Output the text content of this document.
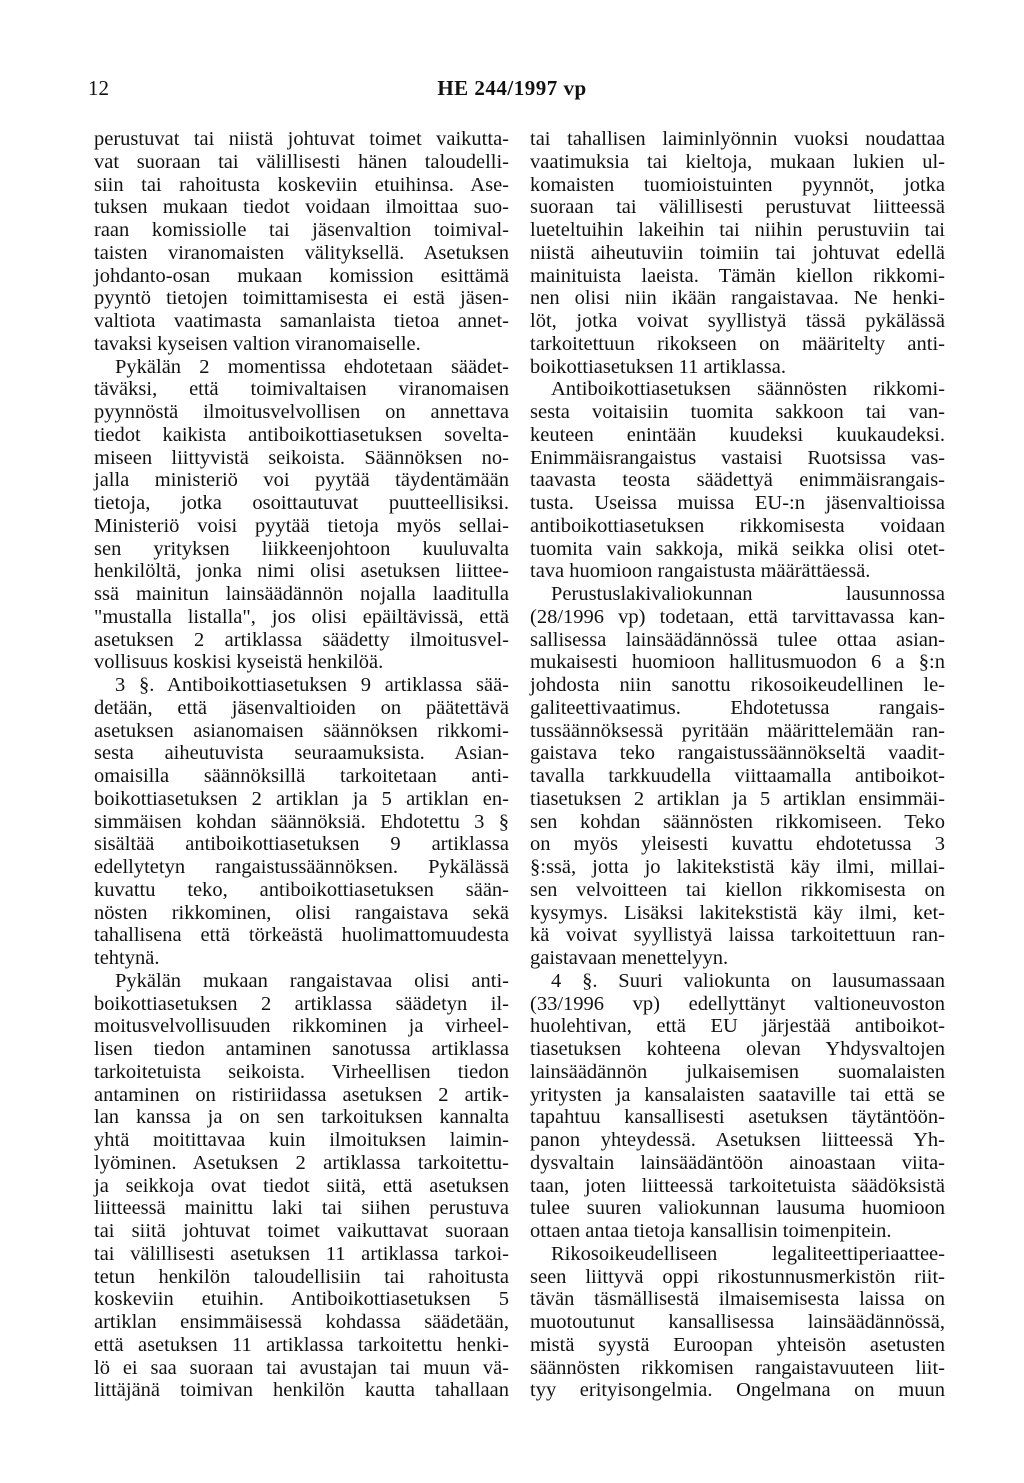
12	HE 244/1997 vp
perustuvat tai niistä johtuvat toimet vaikutta-
vat suoraan tai välillisesti hänen taloudelli-
siin tai rahoitusta koskeviin etuihinsa. Ase-
tuksen mukaan tiedot voidaan ilmoittaa suo-
raan komissiolle tai jäsenvaltion toimival-
taisten viranomaisten välityksellä. Asetuksen
johdanto-osan mukaan komission esittämä
pyyntö tietojen toimittamisesta ei estä jäsen-
valtiota vaatimasta samanlaista tietoa annet-
tavaksi kyseisen valtion viranomaiselle.
Pykälän 2 momentissa ehdotetaan säädet-
täväksi, että toimivaltaisen viranomaisen
pyynnöstä ilmoitusvelvollisen on annettava
tiedot kaikista antiboikottiasetuksen sovelta-
miseen liittyvistä seikoista. Säännöksen no-
jalla ministeriö voi pyytää täydentämään
tietoja, jotka osoittautuvat puutteellisiksi.
Ministeriö voisi pyytää tietoja myös sellai-
sen yrityksen liikkeenjohtoon kuuluvalta
henkilöltä, jonka nimi olisi asetuksen liittee-
ssä mainitun lainsäädännön nojalla laaditulla
"mustalla listalla", jos olisi epäiltävissä, että
asetuksen 2 artiklassa säädetty ilmoitusvel-
vollisuus koskisi kyseistä henkilöä.
3 §. Antiboikottiasetuksen 9 artiklassa sää-
detään, että jäsenvaltioiden on päätettävä
asetuksen asianomaisen säännöksen rikkomi-
sesta aiheutuvista seuraamuksista. Asian-
omaisilla säännöksillä tarkoitetaan anti-
boikottiasetuksen 2 artiklan ja 5 artiklan en-
simmäisen kohdan säännöksiä. Ehdotettu 3 §
sisältää antiboikottiasetuksen 9 artiklassa
edellytetyn rangaistussäännöksen. Pykälässä
kuvattu teko, antiboikottiasetuksen sään-
nösten rikkominen, olisi rangaistava sekä
tahallisena että törkeästä huolimattomuudesta
tehtynä.
Pykälän mukaan rangaistavaa olisi anti-
boikottiasetuksen 2 artiklassa säädetyn il-
moitusvelvollisuuden rikkominen ja virheel-
lisen tiedon antaminen sanotussa artiklassa
tarkoitetuista seikoista. Virheellisen tiedon
antaminen on ristiriidassa asetuksen 2 artik-
lan kanssa ja on sen tarkoituksen kannalta
yhtä moitittavaa kuin ilmoituksen laimin-
lyöminen. Asetuksen 2 artiklassa tarkoitettu-
ja seikkoja ovat tiedot siitä, että asetuksen
liitteessä mainittu laki tai siihen perustuva
tai siitä johtuvat toimet vaikuttavat suoraan
tai välillisesti asetuksen 11 artiklassa tarkoi-
tetun henkilön taloudellisiin tai rahoitusta
koskeviin etuihin. Antiboikottiasetuksen 5
artiklan ensimmäisessä kohdassa säädetään,
että asetuksen 11 artiklassa tarkoitettu henki-
lö ei saa suoraan tai avustajan tai muun vä-
littäjänä toimivan henkilön kautta tahallaan
tai tahallisen laiminlyönnin vuoksi noudattaa
vaatimuksia tai kieltoja, mukaan lukien ul-
komaisten tuomioistuinten pyynnöt, jotka
suoraan tai välillisesti perustuvat liitteessä
lueteltuihin lakeihin tai niihin perustuviin tai
niistä aiheutuviin toimiin tai johtuvat edellä
mainituista laeista. Tämän kiellon rikkomi-
nen olisi niin ikään rangaistavaa. Ne henki-
löt, jotka voivat syyllistyä tässä pykälässä
tarkoitettuun rikokseen on määritelty anti-
boikottiasetuksen 11 artiklassa.
Antiboikottiasetuksen säännösten rikkomi-
sesta voitaisiin tuomita sakkoon tai van-
keuteen enintään kuudeksi kuukaudeksi.
Enimmäisrangaistus vastaisi Ruotsissa vas-
taavasta teosta säädettyä enimmäisrangais-
tusta. Useissa muissa EU-:n jäsenvaltioissa
antiboikottiasetuksen rikkomisesta voidaan
tuomita vain sakkoja, mikä seikka olisi otet-
tava huomioon rangaistusta määrättäessä.
Perustuslakivaliokunnan lausunnossa
(28/1996 vp) todetaan, että tarvittavassa kan-
sallisessa lainsäädännössä tulee ottaa asian-
mukaisesti huomioon hallitusmuodon 6 a §:n
johdosta niin sanottu rikosoikeudellinen le-
galiteettivaatimus. Ehdotetussa rangais-
tussäännöksessä pyritään määrittelemään ran-
gaistava teko rangaistussäännökseltä vaadit-
tavalla tarkkuudella viittaamalla antiboikot-
tiasetuksen 2 artiklan ja 5 artiklan ensimmäi-
sen kohdan säännösten rikkomiseen. Teko
on myös yleisesti kuvattu ehdotetussa 3
§:ssä, jotta jo lakitekstistä käy ilmi, millai-
sen velvoitteen tai kiellon rikkomisesta on
kysymys. Lisäksi lakitekstistä käy ilmi, ket-
kä voivat syyllistyä laissa tarkoitettuun ran-
gaistavaan menettelyyn.
4 §. Suuri valiokunta on lausumassaan
(33/1996 vp) edellyttänyt valtioneuvoston
huolehtivan, että EU järjestää antiboikot-
tiasetuksen kohteena olevan Yhdysvaltojen
lainsäädännön julkaisemisen suomalaisten
yritysten ja kansalaisten saataville tai että se
tapahtuu kansallisesti asetuksen täytäntöön-
panon yhteydessä. Asetuksen liitteessä Yh-
dysvaltain lainsäädäntöön ainoastaan viita-
taan, joten liitteessä tarkoitetuista säädöksistä
tulee suuren valiokunnan lausuma huomioon
ottaen antaa tietoja kansallisin toimenpitein.
Rikosoikeudelliseen legaliteettiperiaattee-
seen liittyvä oppi rikostunnusmerkistön riit-
tävän täsmällisestä ilmaisemisesta laissa on
muotoutunut kansallisessa lainsäädännössä,
mistä syystä Euroopan yhteisön asetusten
säännösten rikkomisen rangaistavuuteen liit-
tyy erityisongelmia. Ongelmana on muun
